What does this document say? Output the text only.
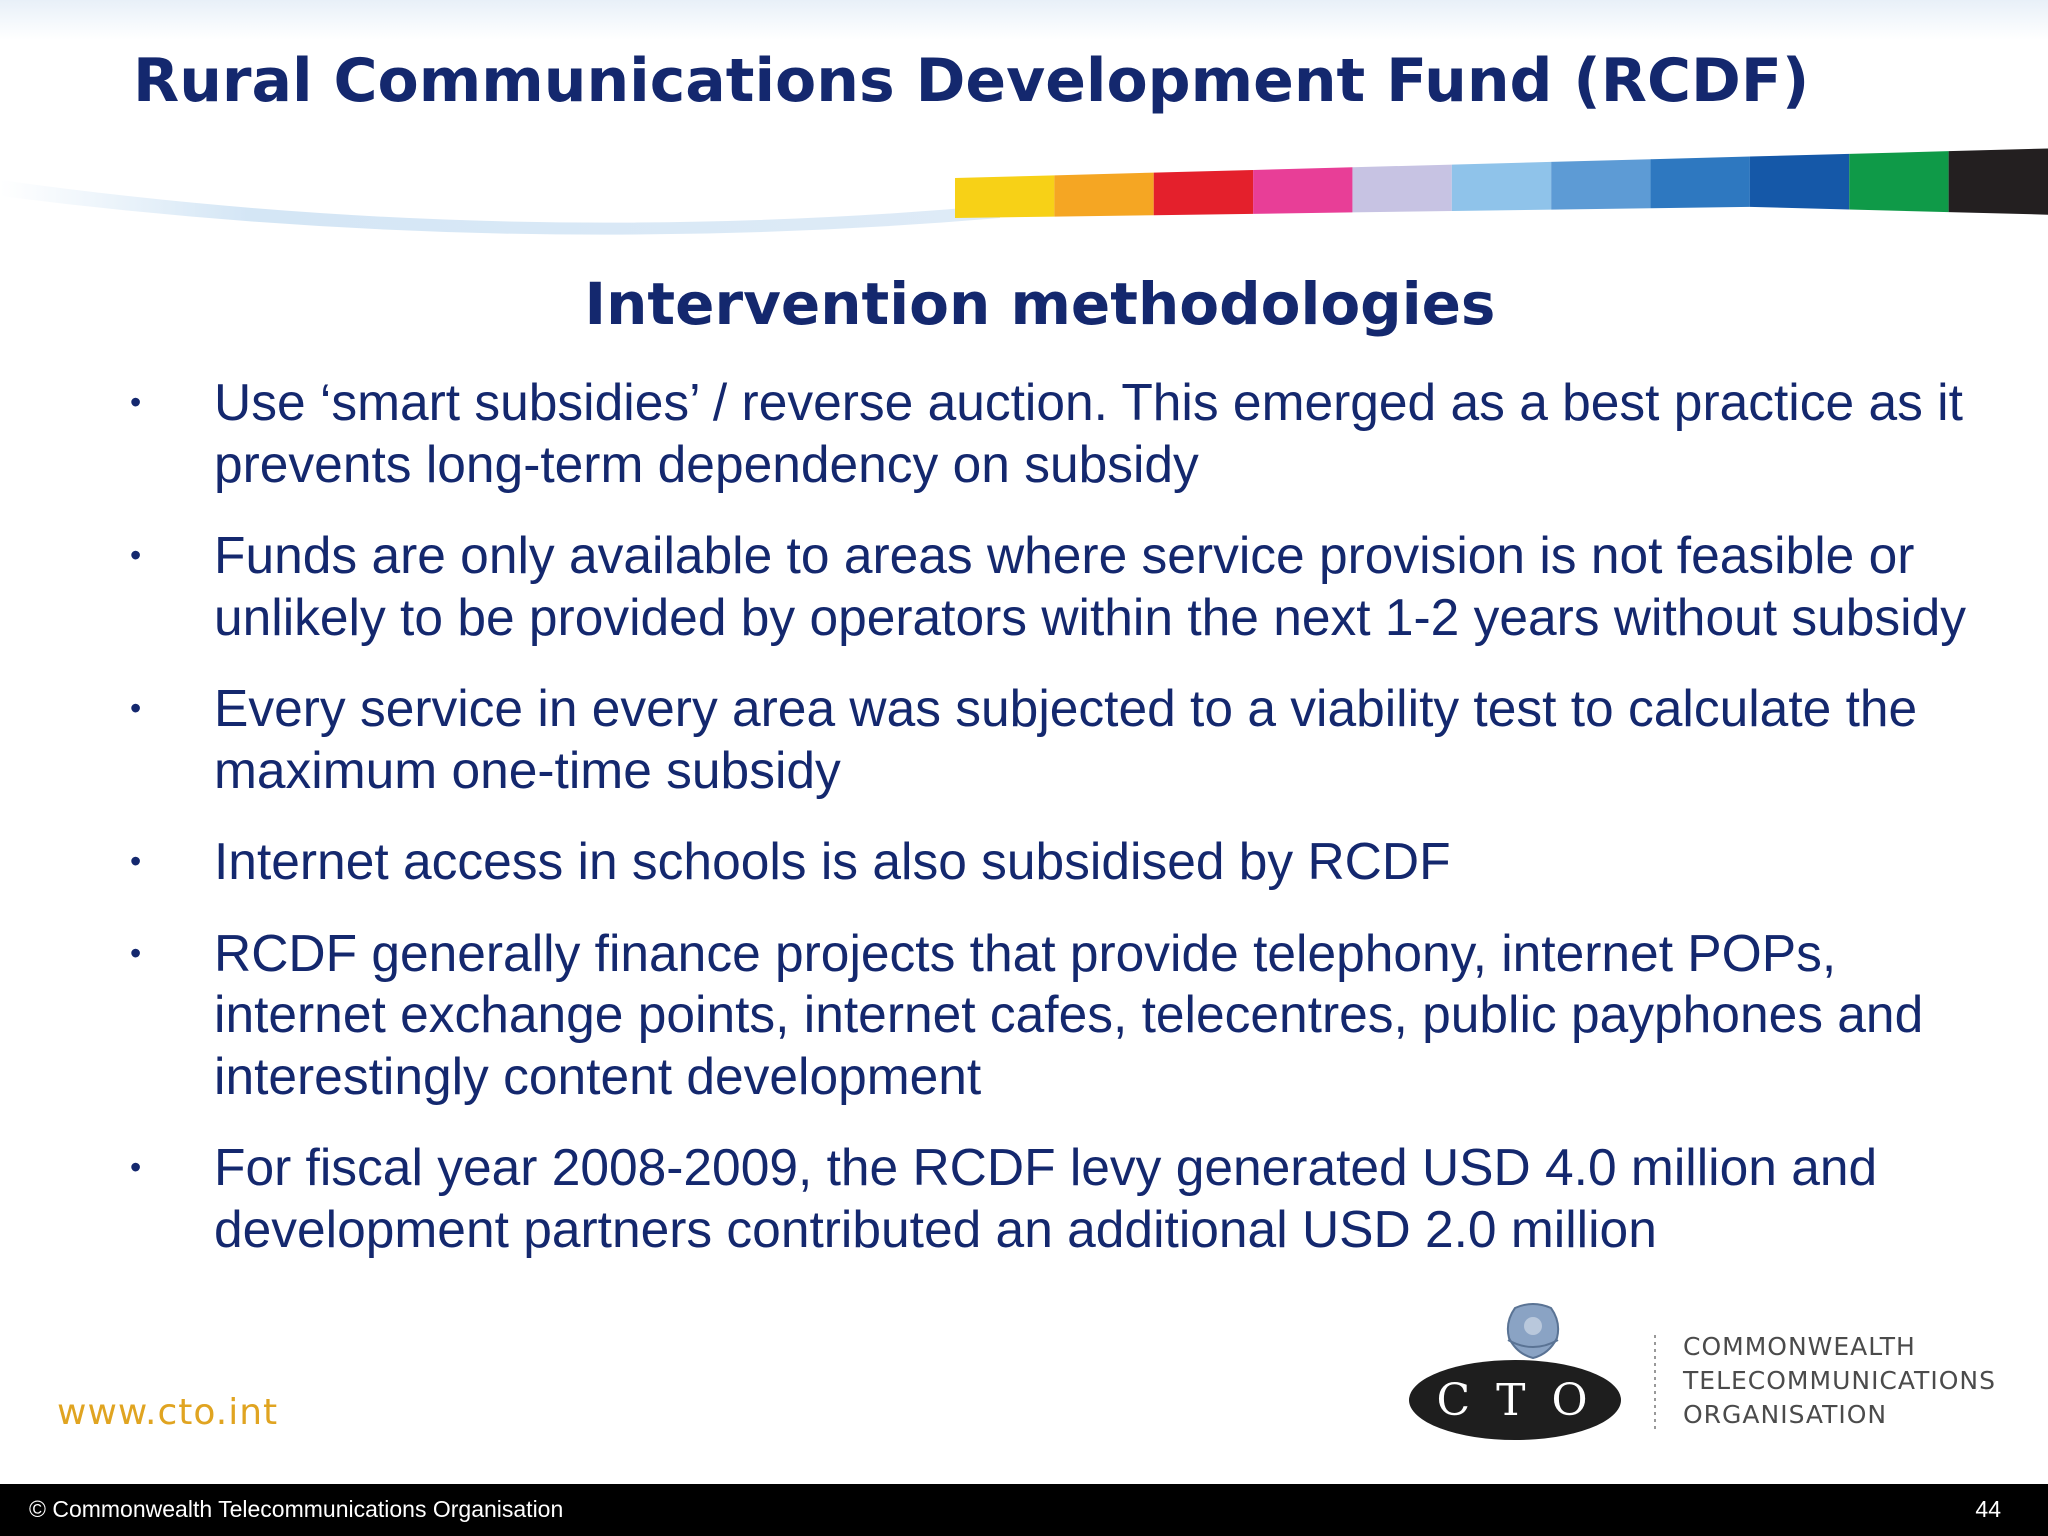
Rural Communications Development Fund (RCDF)
Intervention methodologies
• Use ‘smart subsidies’ / reverse auction. This emerged as a best practice as it prevents long-term dependency on subsidy
• Funds are only available to areas where service provision is not feasible or unlikely to be provided by operators within the next 1-2 years without subsidy
• Every service in every area was subjected to a viability test to calculate the maximum one-time subsidy
• Internet access in schools is also subsidised by RCDF
• RCDF generally finance projects that provide telephony, internet POPs, internet exchange points, internet cafes, telecentres, public payphones and interestingly content development
• For fiscal year 2008-2009, the RCDF levy generated USD 4.0 million and development partners contributed an additional USD 2.0 million
www.cto.int	C T O
COMMONWEALTH
TELECOMMUNICATIONS
ORGANISATION
© Commonwealth Telecommunications Organisation	44
